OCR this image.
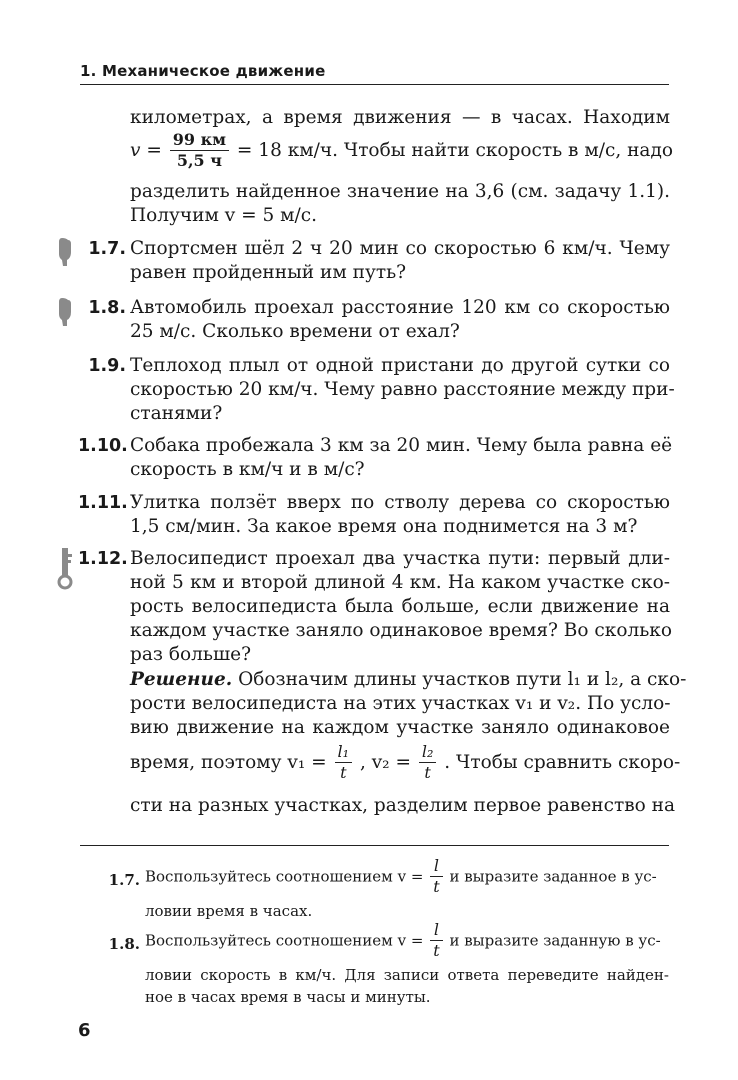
1. Механическое движение
километрах, а время движения — в часах. Находим
$v = \frac{99 км}{5,5 ч} = 18$ км/ч. Чтобы найти скорость в м/с, надо
разделить найденное значение на 3,6 (см. задачу 1.1).
Получим v = 5 м/с.
1.7. Спортсмен шёл 2 ч 20 мин со скоростью 6 км/ч. Чему
равен пройденный им путь?
1.8. Автомобиль проехал расстояние 120 км со скоростью
25 м/с. Сколько времени от ехал?
1.9. Теплоход плыл от одной пристани до другой сутки со
скоростью 20 км/ч. Чему равно расстояние между при-
станями?
1.10. Собака пробежала 3 км за 20 мин. Чему была равна её
скорость в км/ч и в м/с?
1.11. Улитка ползёт вверх по стволу дерева со скоростью
1,5 см/мин. За какое время она поднимется на 3 м?
1.12. Велосипедист проехал два участка пути: первый дли-
ной 5 км и второй длиной 4 км. На каком участке ско-
рость велосипедиста была больше, если движение на
каждом участке заняло одинаковое время? Во сколько
раз больше?
Решение. Обозначим длины участков пути l₁ и l₂, а ско-
рости велосипедиста на этих участках v₁ и v₂. По усло-
вию движение на каждом участке заняло одинаковое
время, поэтому $v_1 = \frac{\text{l₁}}{t}$ , $v_2 = \frac{\text{l₂}}{t}$ . Чтобы сравнить скоро-
сти на разных участках, разделим первое равенство на
1.7. Воспользуйтесь соотношением $v = \frac{l}{t}$ и выразите заданное в ус-
ловии время в часах.
1.8. Воспользуйтесь соотношением $v = \frac{l}{t}$ и выразите заданную в ус-
ловии скорость в км/ч. Для записи ответа переведите найден-
ное в часах время в часы и минуты.
6
